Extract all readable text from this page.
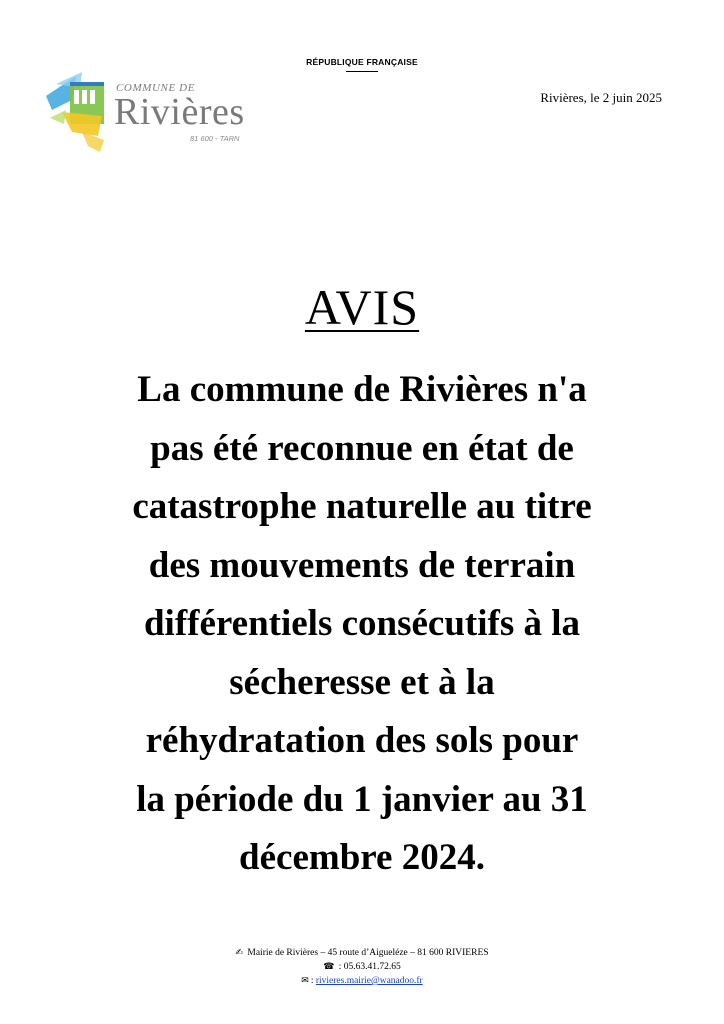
RÉPUBLIQUE FRANÇAISE
COMMUNE DE
Rivières
81 600 - TARN
Rivières, le 2 juin 2025
AVIS
La commune de Rivières n'a
pas été reconnue en état de
catastrophe naturelle au titre
des mouvements de terrain
différentiels consécutifs à la
sécheresse et à la
réhydratation des sols pour
la période du 1 janvier au 31
décembre 2024.
✍ Mairie de Rivières – 45 route d’Aigueléze – 81 600 RIVIERES
☎ : 05.63.41.72.65
✉ : rivieres.mairie@wanadoo.fr
